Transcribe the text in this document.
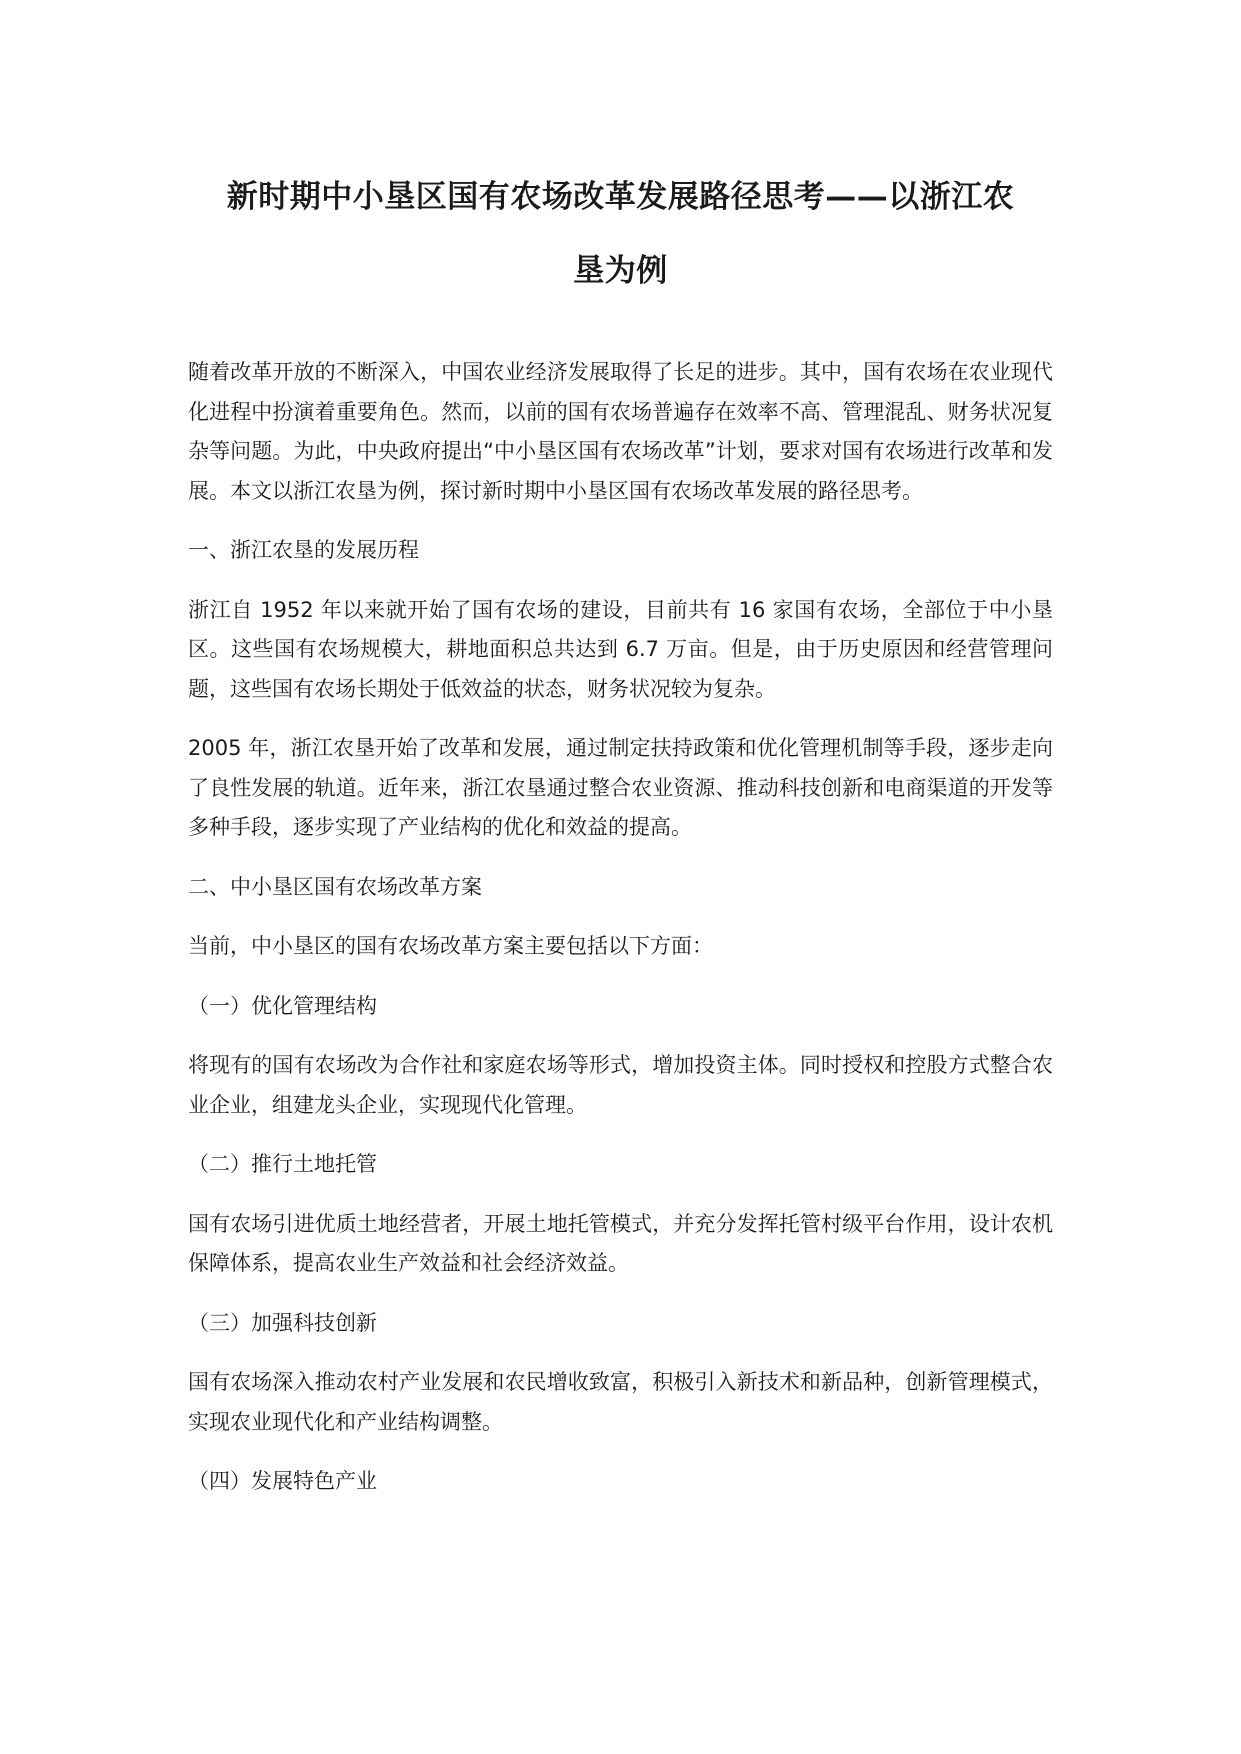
新时期中小垦区国有农场改革发展路径思考——以浙江农
垦为例

随着改革开放的不断深入，中国农业经济发展取得了长足的进步。其中，国有农场在农业现代化进程中扮演着重要角色。然而，以前的国有农场普遍存在效率不高、管理混乱、财务状况复杂等问题。为此，中央政府提出“中小垦区国有农场改革”计划，要求对国有农场进行改革和发展。本文以浙江农垦为例，探讨新时期中小垦区国有农场改革发展的路径思考。

一、浙江农垦的发展历程

浙江自 1952 年以来就开始了国有农场的建设，目前共有 16 家国有农场，全部位于中小垦区。这些国有农场规模大，耕地面积总共达到 6.7 万亩。但是，由于历史原因和经营管理问题，这些国有农场长期处于低效益的状态，财务状况较为复杂。

2005 年，浙江农垦开始了改革和发展，通过制定扶持政策和优化管理机制等手段，逐步走向了良性发展的轨道。近年来，浙江农垦通过整合农业资源、推动科技创新和电商渠道的开发等多种手段，逐步实现了产业结构的优化和效益的提高。

二、中小垦区国有农场改革方案

当前，中小垦区的国有农场改革方案主要包括以下方面：

（一）优化管理结构

将现有的国有农场改为合作社和家庭农场等形式，增加投资主体。同时授权和控股方式整合农业企业，组建龙头企业，实现现代化管理。

（二）推行土地托管

国有农场引进优质土地经营者，开展土地托管模式，并充分发挥托管村级平台作用，设计农机保障体系，提高农业生产效益和社会经济效益。

（三）加强科技创新

国有农场深入推动农村产业发展和农民增收致富，积极引入新技术和新品种，创新管理模式，实现农业现代化和产业结构调整。

（四）发展特色产业
